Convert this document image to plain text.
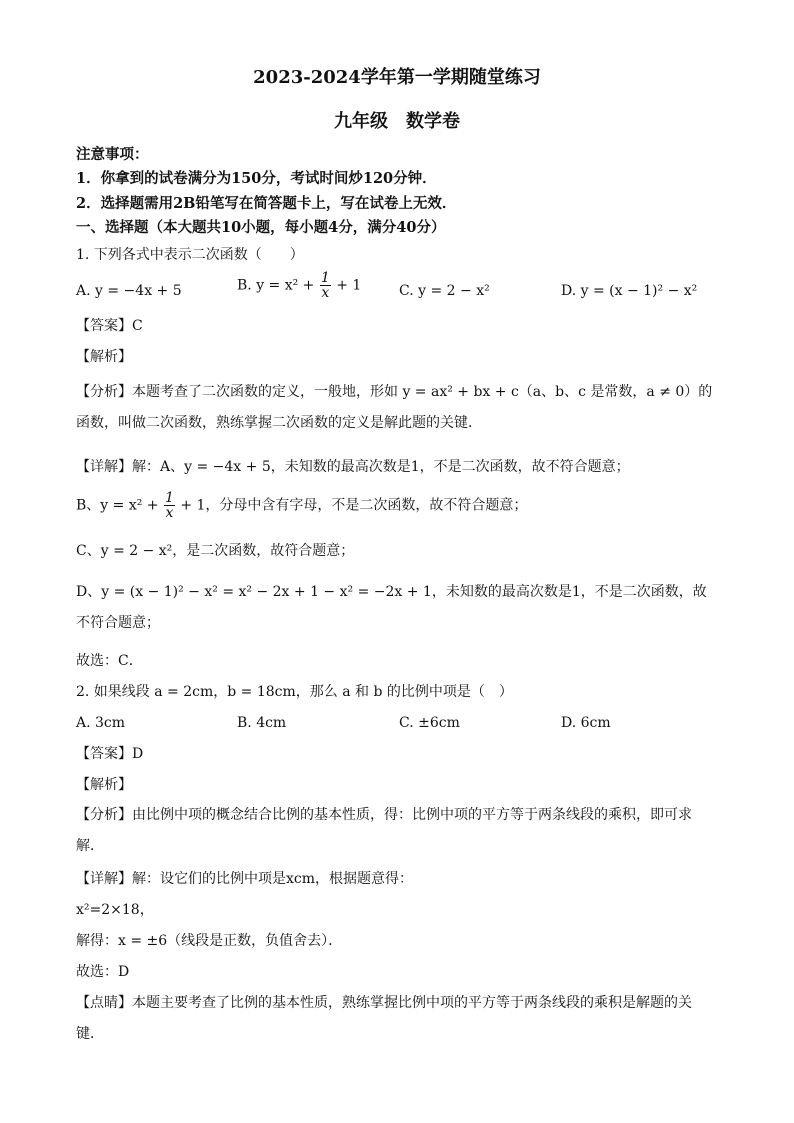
2023-2024学年第一学期随堂练习
九年级　数学卷
注意事项：
1．你拿到的试卷满分为150分，考试时间炒120分钟．
2．选择题需用2B铅笔写在简答题卡上，写在试卷上无效．
一、选择题（本大题共10小题，每小题4分，满分40分）
1. 下列各式中表示二次函数（　　）
A. y = −4x + 5	B. $y = x^2 + \frac{1}{x} + 1$	C. y = 2 − x²	D. y = (x − 1)² − x²
【答案】C
【解析】
【分析】本题考查了二次函数的定义，一般地，形如 y = ax² + bx + c（a、b、c 是常数，a ≠ 0）的函数，叫做二次函数，熟练掌握二次函数的定义是解此题的关键．
【详解】解：A、y = −4x + 5，未知数的最高次数是1，不是二次函数，故不符合题意；
B、$y = x^2 + \frac{1}{x} + 1$，分母中含有字母，不是二次函数，故不符合题意；
C、y = 2 − x²，是二次函数，故符合题意；
D、y = (x − 1)² − x² = x² − 2x + 1 − x² = −2x + 1，未知数的最高次数是1，不是二次函数，故不符合题意；
故选：C．
2. 如果线段 a = 2cm，b = 18cm，那么 a 和 b 的比例中项是（　）
A. 3cm	B. 4cm	C. ±6cm	D. 6cm
【答案】D
【解析】
【分析】由比例中项的概念结合比例的基本性质，得：比例中项的平方等于两条线段的乘积，即可求解．
【详解】解：设它们的比例中项是xcm，根据题意得：
x²=2×18，
解得：x = ±6（线段是正数，负值舍去）．
故选：D
【点睛】本题主要考查了比例的基本性质，熟练掌握比例中项的平方等于两条线段的乘积是解题的关键．
